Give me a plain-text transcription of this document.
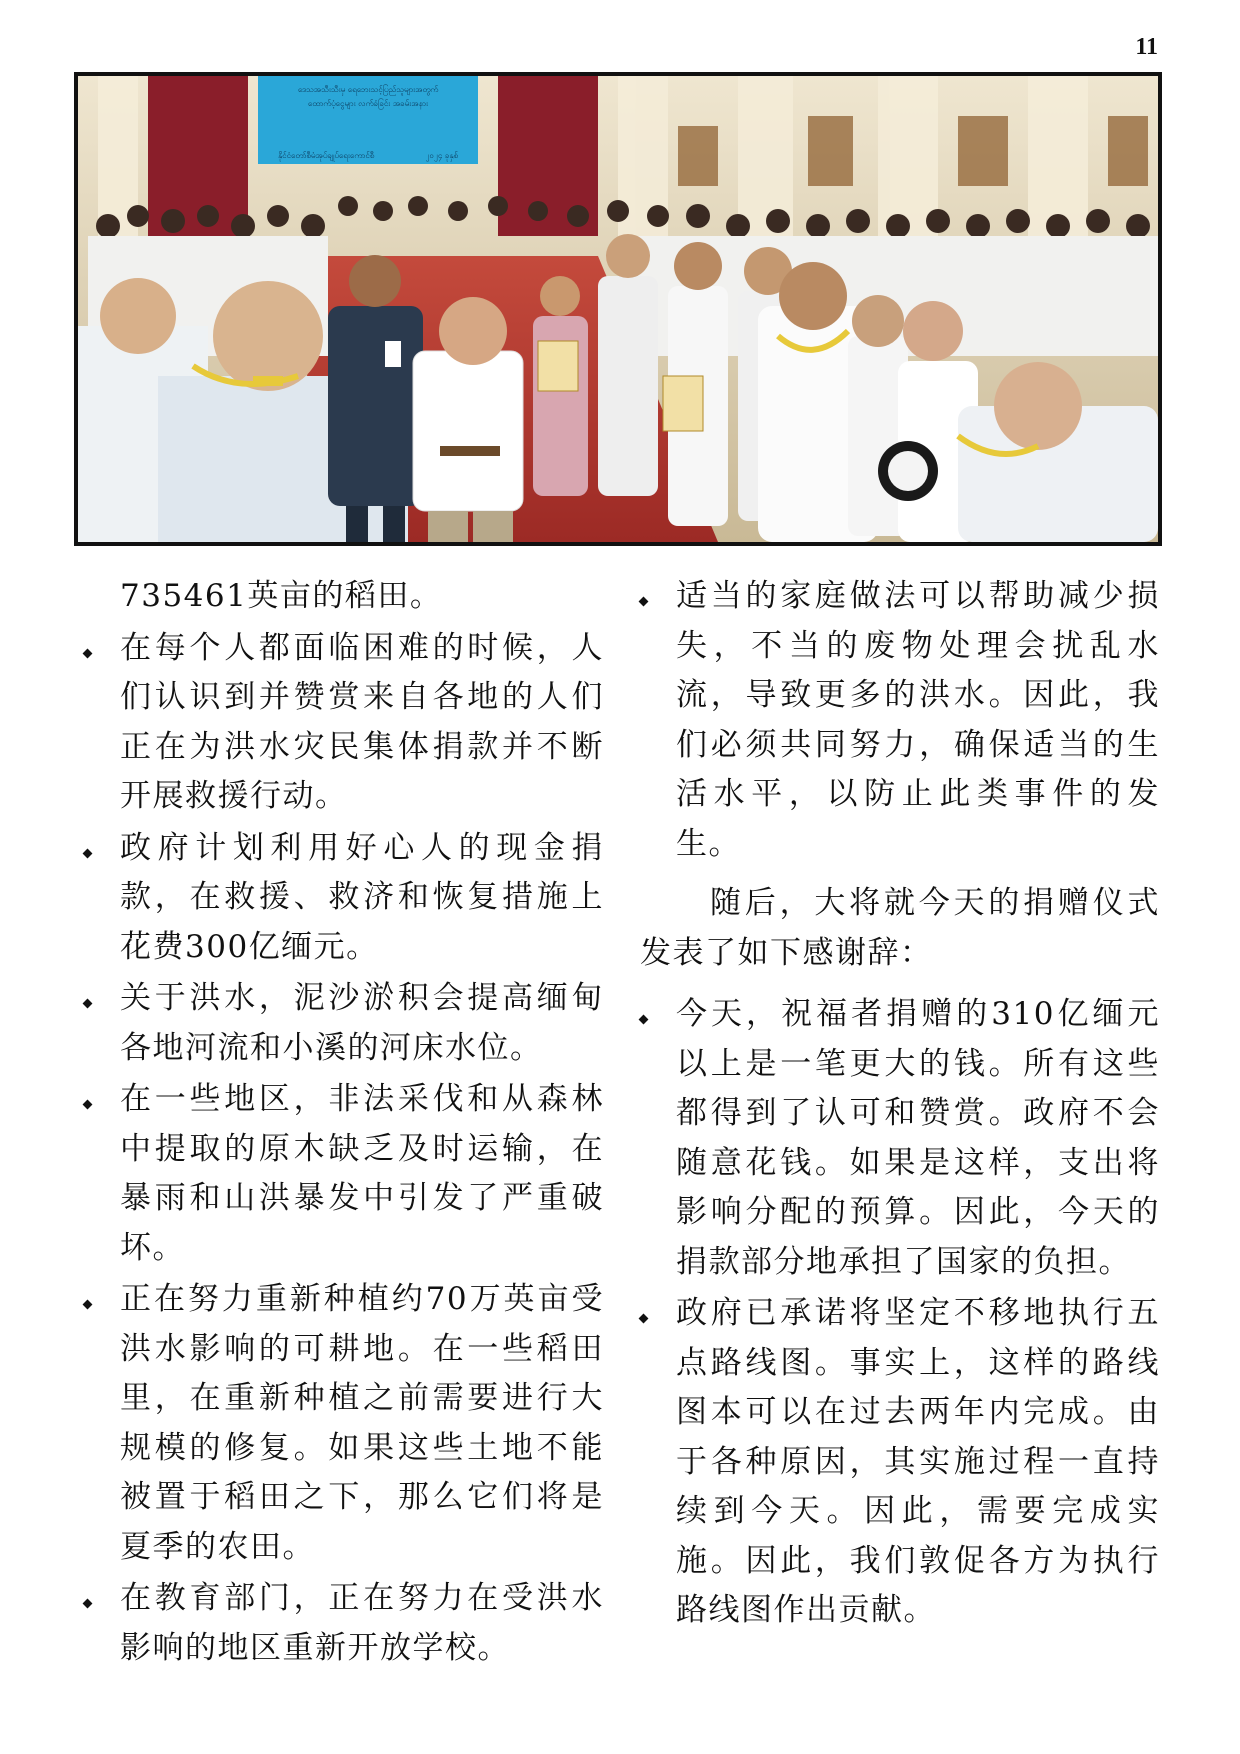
11
ဒေသအသီးသီးမှ ရေဘေးသင့်ပြည်သူများအတွက်
ထောက်ပံ့ငွေများ လက်ခံခြင်း အခမ်းအနား
နိုင်ငံတော်စီမံအုပ်ချုပ်ရေးကောင်စီ	၂၀၂၄ ခုနှစ်

735461英亩的稻田。

在每个人都面临困难的时候，人们认识到并赞赏来自各地的人们正在为洪水灾民集体捐款并不断开展救援行动。

政府计划利用好心人的现金捐款，在救援、救济和恢复措施上花费300亿缅元。

关于洪水，泥沙淤积会提高缅甸各地河流和小溪的河床水位。

在一些地区，非法采伐和从森林中提取的原木缺乏及时运输，在暴雨和山洪暴发中引发了严重破坏。

正在努力重新种植约70万英亩受洪水影响的可耕地。在一些稻田里，在重新种植之前需要进行大规模的修复。如果这些土地不能被置于稻田之下，那么它们将是夏季的农田。

在教育部门，正在努力在受洪水影响的地区重新开放学校。

适当的家庭做法可以帮助减少损失，不当的废物处理会扰乱水流，导致更多的洪水。因此，我们必须共同努力，确保适当的生活水平，以防止此类事件的发生。

随后，大将就今天的捐赠仪式发表了如下感谢辞：

今天，祝福者捐赠的310亿缅元以上是一笔更大的钱。所有这些都得到了认可和赞赏。政府不会随意花钱。如果是这样，支出将影响分配的预算。因此，今天的捐款部分地承担了国家的负担。

政府已承诺将坚定不移地执行五点路线图。事实上，这样的路线图本可以在过去两年内完成。由于各种原因，其实施过程一直持续到今天。因此，需要完成实施。因此，我们敦促各方为执行路线图作出贡献。
